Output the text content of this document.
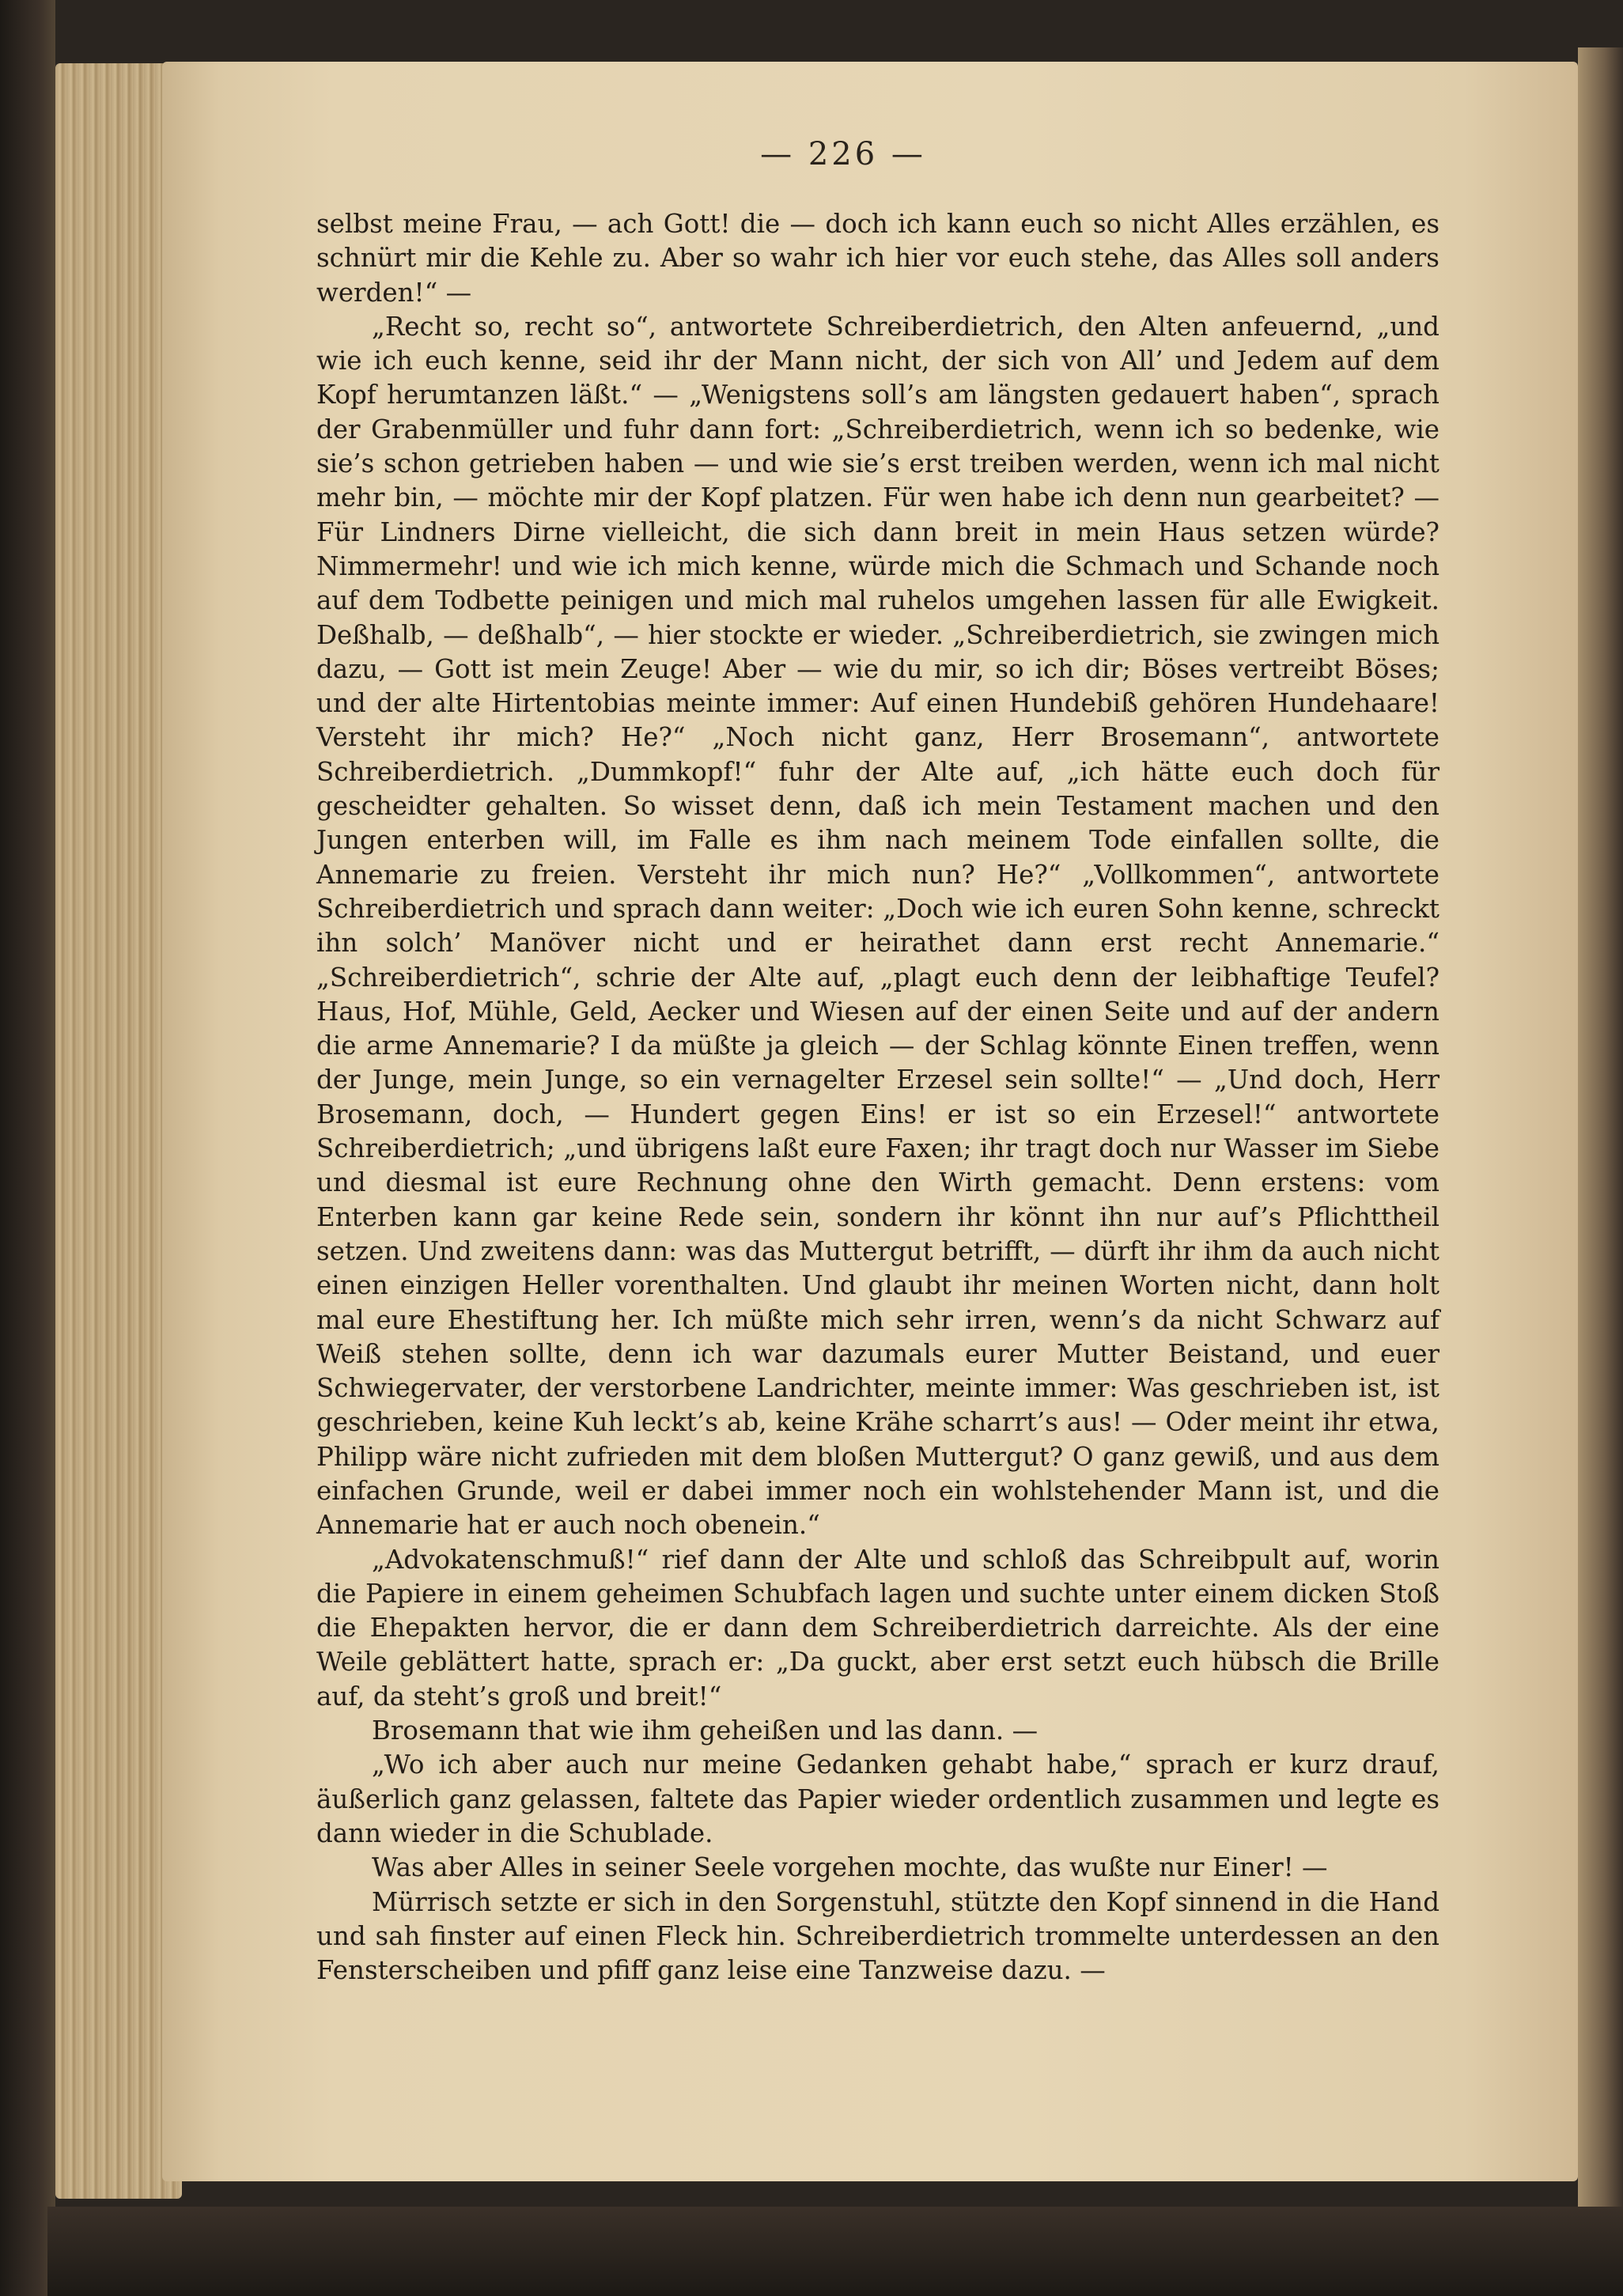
— 226 —

selbst meine Frau, — ach Gott! die — doch ich kann euch so nicht Alles erzählen, es schnürt mir die Kehle zu. Aber so wahr ich hier vor euch stehe, das Alles soll anders werden!“ —

„Recht so, recht so“, antwortete Schreiberdietrich, den Alten anfeuernd, „und wie ich euch kenne, seid ihr der Mann nicht, der sich von All’ und Jedem auf dem Kopf herumtanzen läßt.“ — „Wenigstens soll’s am längsten gedauert haben“, sprach der Grabenmüller und fuhr dann fort: „Schreiberdietrich, wenn ich so bedenke, wie sie’s schon getrieben haben — und wie sie’s erst treiben werden, wenn ich mal nicht mehr bin, — möchte mir der Kopf platzen. Für wen habe ich denn nun gearbeitet? — Für Lindners Dirne vielleicht, die sich dann breit in mein Haus setzen würde? Nimmermehr! und wie ich mich kenne, würde mich die Schmach und Schande noch auf dem Todbette peinigen und mich mal ruhelos umgehen lassen für alle Ewigkeit. Deßhalb, — deßhalb“, — hier stockte er wieder. „Schreiberdietrich, sie zwingen mich dazu, — Gott ist mein Zeuge! Aber — wie du mir, so ich dir; Böses vertreibt Böses; und der alte Hirtentobias meinte immer: Auf einen Hundebiß gehören Hundehaare! Versteht ihr mich? He?“ „Noch nicht ganz, Herr Brosemann“, antwortete Schreiberdietrich. „Dummkopf!“ fuhr der Alte auf, „ich hätte euch doch für gescheidter gehalten. So wisset denn, daß ich mein Testament machen und den Jungen enterben will, im Falle es ihm nach meinem Tode einfallen sollte, die Annemarie zu freien. Versteht ihr mich nun? He?“ „Vollkommen“, antwortete Schreiberdietrich und sprach dann weiter: „Doch wie ich euren Sohn kenne, schreckt ihn solch’ Manöver nicht und er heirathet dann erst recht Annemarie.“ „Schreiberdietrich“, schrie der Alte auf, „plagt euch denn der leibhaftige Teufel? Haus, Hof, Mühle, Geld, Aecker und Wiesen auf der einen Seite und auf der andern die arme Annemarie? I da müßte ja gleich — der Schlag könnte Einen treffen, wenn der Junge, mein Junge, so ein vernagelter Erzesel sein sollte!“ — „Und doch, Herr Brosemann, doch, — Hundert gegen Eins! er ist so ein Erzesel!“ antwortete Schreiberdietrich; „und übrigens laßt eure Faxen; ihr tragt doch nur Wasser im Siebe und diesmal ist eure Rechnung ohne den Wirth gemacht. Denn erstens: vom Enterben kann gar keine Rede sein, sondern ihr könnt ihn nur auf’s Pflichttheil setzen. Und zweitens dann: was das Muttergut betrifft, — dürft ihr ihm da auch nicht einen einzigen Heller vorenthalten. Und glaubt ihr meinen Worten nicht, dann holt mal eure Ehestiftung her. Ich müßte mich sehr irren, wenn’s da nicht Schwarz auf Weiß stehen sollte, denn ich war dazumals eurer Mutter Beistand, und euer Schwiegervater, der verstorbene Landrichter, meinte immer: Was geschrieben ist, ist geschrieben, keine Kuh leckt’s ab, keine Krähe scharrt’s aus! — Oder meint ihr etwa, Philipp wäre nicht zufrieden mit dem bloßen Muttergut? O ganz gewiß, und aus dem einfachen Grunde, weil er dabei immer noch ein wohlstehender Mann ist, und die Annemarie hat er auch noch obenein.“

„Advokatenschmuß!“ rief dann der Alte und schloß das Schreibpult auf, worin die Papiere in einem geheimen Schubfach lagen und suchte unter einem dicken Stoß die Ehepakten hervor, die er dann dem Schreiberdietrich darreichte. Als der eine Weile geblättert hatte, sprach er: „Da guckt, aber erst setzt euch hübsch die Brille auf, da steht’s groß und breit!“

Brosemann that wie ihm geheißen und las dann. —

„Wo ich aber auch nur meine Gedanken gehabt habe,“ sprach er kurz drauf, äußerlich ganz gelassen, faltete das Papier wieder ordentlich zusammen und legte es dann wieder in die Schublade.

Was aber Alles in seiner Seele vorgehen mochte, das wußte nur Einer! —

Mürrisch setzte er sich in den Sorgenstuhl, stützte den Kopf sinnend in die Hand und sah finster auf einen Fleck hin. Schreiberdietrich trommelte unterdessen an den Fensterscheiben und pfiff ganz leise eine Tanzweise dazu. —
